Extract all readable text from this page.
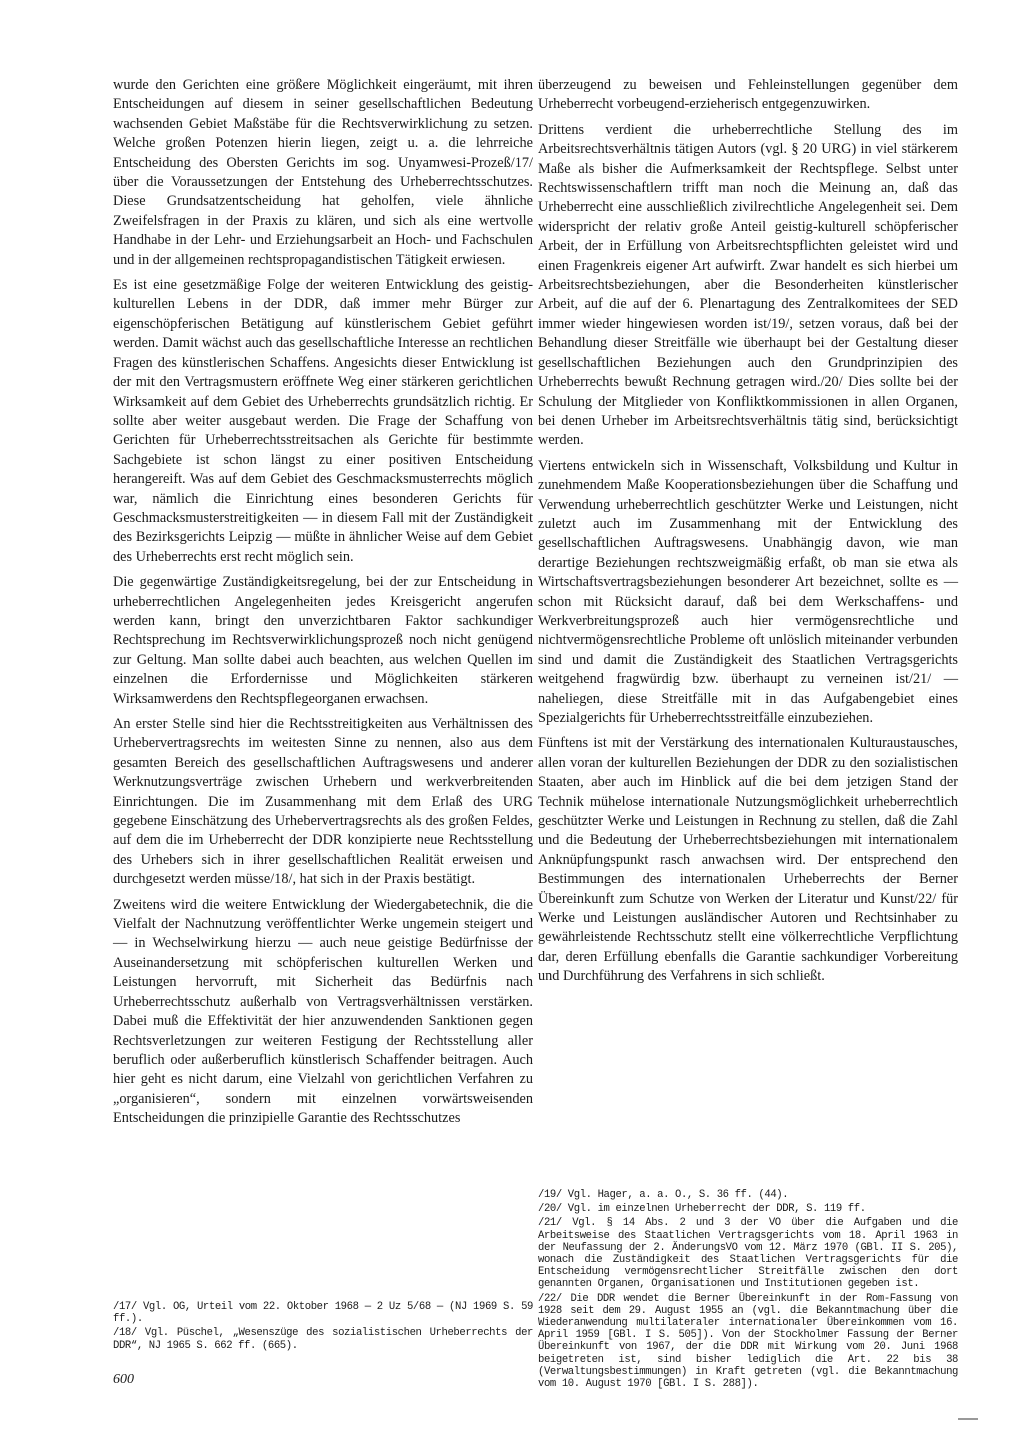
wurde den Gerichten eine größere Möglichkeit eingeräumt, mit ihren Entscheidungen auf diesem in seiner gesellschaftlichen Bedeutung wachsenden Gebiet Maßstäbe für die Rechtsverwirklichung zu setzen. Welche großen Potenzen hierin liegen, zeigt u. a. die lehrreiche Entscheidung des Obersten Gerichts im sog. Unyamwesi-Prozeß/17/ über die Voraussetzungen der Entstehung des Urheberrechtsschutzes. Diese Grundsatzentscheidung hat geholfen, viele ähnliche Zweifelsfragen in der Praxis zu klären, und sich als eine wertvolle Handhabe in der Lehr- und Erziehungsarbeit an Hoch- und Fachschulen und in der allgemeinen rechtspropagandistischen Tätigkeit erwiesen.

Es ist eine gesetzmäßige Folge der weiteren Entwicklung des geistig-kulturellen Lebens in der DDR, daß immer mehr Bürger zur eigenschöpferischen Betätigung auf künstlerischem Gebiet geführt werden. Damit wächst auch das gesellschaftliche Interesse an rechtlichen Fragen des künstlerischen Schaffens. Angesichts dieser Entwicklung ist der mit den Vertragsmustern eröffnete Weg einer stärkeren gerichtlichen Wirksamkeit auf dem Gebiet des Urheberrechts grundsätzlich richtig. Er sollte aber weiter ausgebaut werden. Die Frage der Schaffung von Gerichten für Urheberrechtsstreitsachen als Gerichte für bestimmte Sachgebiete ist schon längst zu einer positiven Entscheidung herangereift. Was auf dem Gebiet des Geschmacksmusterrechts möglich war, nämlich die Einrichtung eines besonderen Gerichts für Geschmacksmusterstreitigkeiten — in diesem Fall mit der Zuständigkeit des Bezirksgerichts Leipzig — müßte in ähnlicher Weise auf dem Gebiet des Urheberrechts erst recht möglich sein.

Die gegenwärtige Zuständigkeitsregelung, bei der zur Entscheidung in urheberrechtlichen Angelegenheiten jedes Kreisgericht angerufen werden kann, bringt den unverzichtbaren Faktor sachkundiger Rechtsprechung im Rechtsverwirklichungsprozeß noch nicht genügend zur Geltung. Man sollte dabei auch beachten, aus welchen Quellen im einzelnen die Erfordernisse und Möglichkeiten stärkeren Wirksamwerdens den Rechtspflegeorganen erwachsen.

An erster Stelle sind hier die Rechtsstreitigkeiten aus Verhältnissen des Urhebervertragsrechts im weitesten Sinne zu nennen, also aus dem gesamten Bereich des gesellschaftlichen Auftragswesens und anderer Werknutzungsverträge zwischen Urhebern und werkverbreitenden Einrichtungen. Die im Zusammenhang mit dem Erlaß des URG gegebene Einschätzung des Urhebervertragsrechts als des großen Feldes, auf dem die im Urheberrecht der DDR konzipierte neue Rechtsstellung des Urhebers sich in ihrer gesellschaftlichen Realität erweisen und durchgesetzt werden müsse/18/, hat sich in der Praxis bestätigt.

Zweitens wird die weitere Entwicklung der Wiedergabetechnik, die die Vielfalt der Nachnutzung veröffentlichter Werke ungemein steigert und — in Wechselwirkung hierzu — auch neue geistige Bedürfnisse der Auseinandersetzung mit schöpferischen kulturellen Werken und Leistungen hervorruft, mit Sicherheit das Bedürfnis nach Urheberrechtsschutz außerhalb von Vertragsverhältnissen verstärken. Dabei muß die Effektivität der hier anzuwendenden Sanktionen gegen Rechtsverletzungen zur weiteren Festigung der Rechtsstellung aller beruflich oder außerberuflich künstlerisch Schaffender beitragen. Auch hier geht es nicht darum, eine Vielzahl von gerichtlichen Verfahren zu „organisieren“, sondern mit einzelnen vorwärtsweisenden Entscheidungen die prinzipielle Garantie des Rechtsschutzes

überzeugend zu beweisen und Fehleinstellungen gegenüber dem Urheberrecht vorbeugend-erzieherisch entgegenzuwirken.

Drittens verdient die urheberrechtliche Stellung des im Arbeitsrechtsverhältnis tätigen Autors (vgl. § 20 URG) in viel stärkerem Maße als bisher die Aufmerksamkeit der Rechtspflege. Selbst unter Rechtswissenschaftlern trifft man noch die Meinung an, daß das Urheberrecht eine ausschließlich zivilrechtliche Angelegenheit sei. Dem widerspricht der relativ große Anteil geistig-kulturell schöpferischer Arbeit, der in Erfüllung von Arbeitsrechtspflichten geleistet wird und einen Fragenkreis eigener Art aufwirft. Zwar handelt es sich hierbei um Arbeitsrechtsbeziehungen, aber die Besonderheiten künstlerischer Arbeit, auf die auf der 6. Plenartagung des Zentralkomitees der SED immer wieder hingewiesen worden ist/19/, setzen voraus, daß bei der Behandlung dieser Streitfälle wie überhaupt bei der Gestaltung dieser gesellschaftlichen Beziehungen auch den Grundprinzipien des Urheberrechts bewußt Rechnung getragen wird./20/ Dies sollte bei der Schulung der Mitglieder von Konfliktkommissionen in allen Organen, bei denen Urheber im Arbeitsrechtsverhältnis tätig sind, berücksichtigt werden.

Viertens entwickeln sich in Wissenschaft, Volksbildung und Kultur in zunehmendem Maße Kooperationsbeziehungen über die Schaffung und Verwendung urheberrechtlich geschützter Werke und Leistungen, nicht zuletzt auch im Zusammenhang mit der Entwicklung des gesellschaftlichen Auftragswesens. Unabhängig davon, wie man derartige Beziehungen rechtszweigmäßig erfaßt, ob man sie etwa als Wirtschaftsvertragsbeziehungen besonderer Art bezeichnet, sollte es — schon mit Rücksicht darauf, daß bei dem Werkschaffens- und Werkverbreitungsprozeß auch hier vermögensrechtliche und nichtvermögensrechtliche Probleme oft unlöslich miteinander verbunden sind und damit die Zuständigkeit des Staatlichen Vertragsgerichts weitgehend fragwürdig bzw. überhaupt zu verneinen ist/21/ — naheliegen, diese Streitfälle mit in das Aufgabengebiet eines Spezialgerichts für Urheberrechtsstreitfälle einzubeziehen.

Fünftens ist mit der Verstärkung des internationalen Kulturaustausches, allen voran der kulturellen Beziehungen der DDR zu den sozialistischen Staaten, aber auch im Hinblick auf die bei dem jetzigen Stand der Technik mühelose internationale Nutzungsmöglichkeit urheberrechtlich geschützter Werke und Leistungen in Rechnung zu stellen, daß die Zahl und die Bedeutung der Urheberrechtsbeziehungen mit internationalem Anknüpfungspunkt rasch anwachsen wird. Der entsprechend den Bestimmungen des internationalen Urheberrechts der Berner Übereinkunft zum Schutze von Werken der Literatur und Kunst/22/ für Werke und Leistungen ausländischer Autoren und Rechtsinhaber zu gewährleistende Rechtsschutz stellt eine völkerrechtliche Verpflichtung dar, deren Erfüllung ebenfalls die Garantie sachkundiger Vorbereitung und Durchführung des Verfahrens in sich schließt.

/17/ Vgl. OG, Urteil vom 22. Oktober 1968 — 2 Uz 5/68 — (NJ 1969 S. 59 ff.).

/18/ Vgl. Püschel, „Wesenszüge des sozialistischen Urheberrechts der DDR“, NJ 1965 S. 662 ff. (665).

/19/ Vgl. Hager, a. a. O., S. 36 ff. (44).

/20/ Vgl. im einzelnen Urheberrecht der DDR, S. 119 ff.

/21/ Vgl. § 14 Abs. 2 und 3 der VO über die Aufgaben und die Arbeitsweise des Staatlichen Vertragsgerichts vom 18. April 1963 in der Neufassung der 2. ÄnderungsVO vom 12. März 1970 (GBl. II S. 205), wonach die Zuständigkeit des Staatlichen Vertragsgerichts für die Entscheidung vermögensrechtlicher Streitfälle zwischen den dort genannten Organen, Organisationen und Institutionen gegeben ist.

/22/ Die DDR wendet die Berner Übereinkunft in der Rom-Fassung von 1928 seit dem 29. August 1955 an (vgl. die Bekanntmachung über die Wiederanwendung multilateraler internationaler Übereinkommen vom 16. April 1959 [GBl. I S. 505]). Von der Stockholmer Fassung der Berner Übereinkunft von 1967, der die DDR mit Wirkung vom 20. Juni 1968 beigetreten ist, sind bisher lediglich die Art. 22 bis 38 (Verwaltungsbestimmungen) in Kraft getreten (vgl. die Bekanntmachung vom 10. August 1970 [GBl. I S. 288]).

600
